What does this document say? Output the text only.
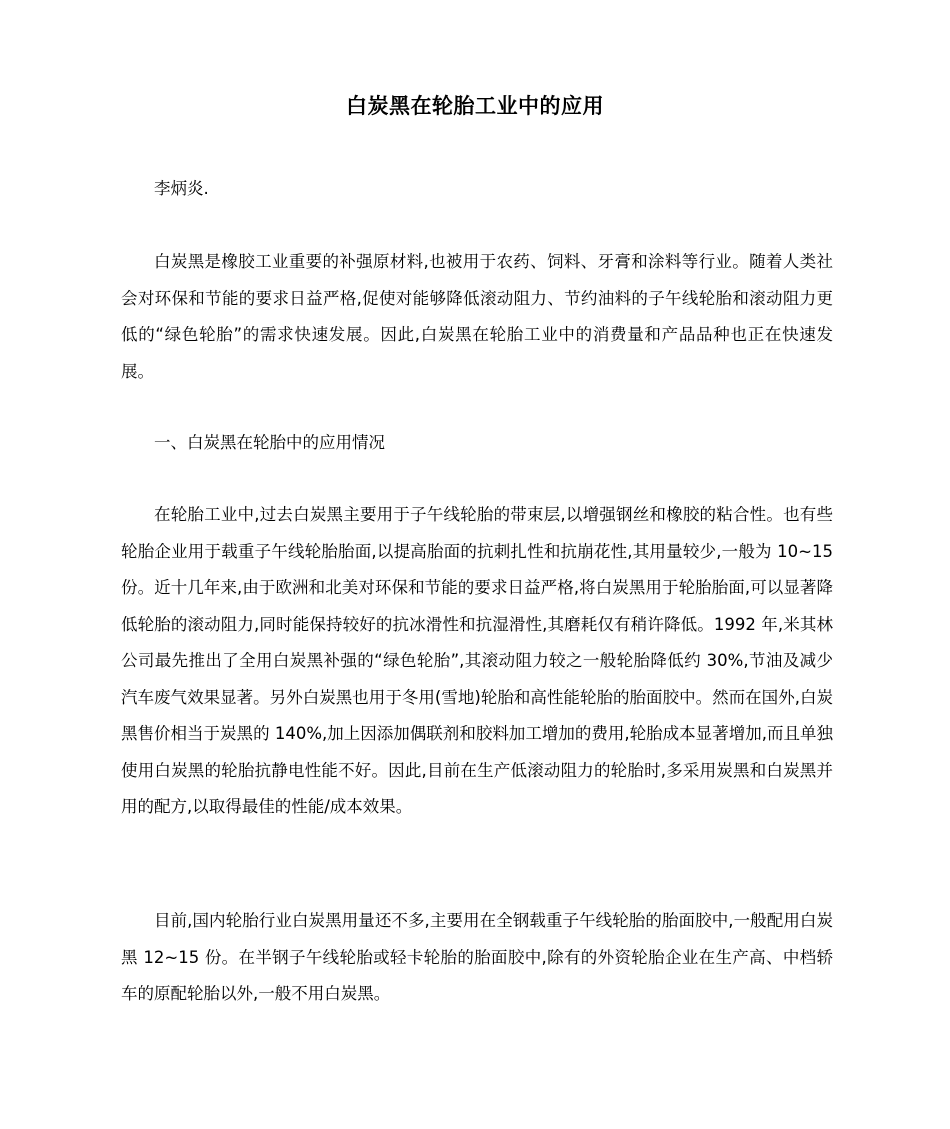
白炭黑在轮胎工业中的应用

李炳炎.

白炭黑是橡胶工业重要的补强原材料,也被用于农药、饲料、牙膏和涂料等行业。随着人类社会对环保和节能的要求日益严格,促使对能够降低滚动阻力、节约油料的子午线轮胎和滚动阻力更低的“绿色轮胎”的需求快速发展。因此,白炭黑在轮胎工业中的消费量和产品品种也正在快速发展。

一、白炭黑在轮胎中的应用情况

在轮胎工业中,过去白炭黑主要用于子午线轮胎的带束层,以增强钢丝和橡胶的粘合性。也有些轮胎企业用于载重子午线轮胎胎面,以提高胎面的抗刺扎性和抗崩花性,其用量较少,一般为 10~15 份。近十几年来,由于欧洲和北美对环保和节能的要求日益严格,将白炭黑用于轮胎胎面,可以显著降低轮胎的滚动阻力,同时能保持较好的抗冰滑性和抗湿滑性,其磨耗仅有稍许降低。1992 年,米其林公司最先推出了全用白炭黑补强的“绿色轮胎”,其滚动阻力较之一般轮胎降低约 30%,节油及减少汽车废气效果显著。另外白炭黑也用于冬用(雪地)轮胎和高性能轮胎的胎面胶中。然而在国外,白炭黑售价相当于炭黑的 140%,加上因添加偶联剂和胶料加工增加的费用,轮胎成本显著增加,而且单独使用白炭黑的轮胎抗静电性能不好。因此,目前在生产低滚动阻力的轮胎时,多采用炭黑和白炭黑并用的配方,以取得最佳的性能/成本效果。

目前,国内轮胎行业白炭黑用量还不多,主要用在全钢载重子午线轮胎的胎面胶中,一般配用白炭黑 12~15 份。在半钢子午线轮胎或轻卡轮胎的胎面胶中,除有的外资轮胎企业在生产高、中档轿车的原配轮胎以外,一般不用白炭黑。
